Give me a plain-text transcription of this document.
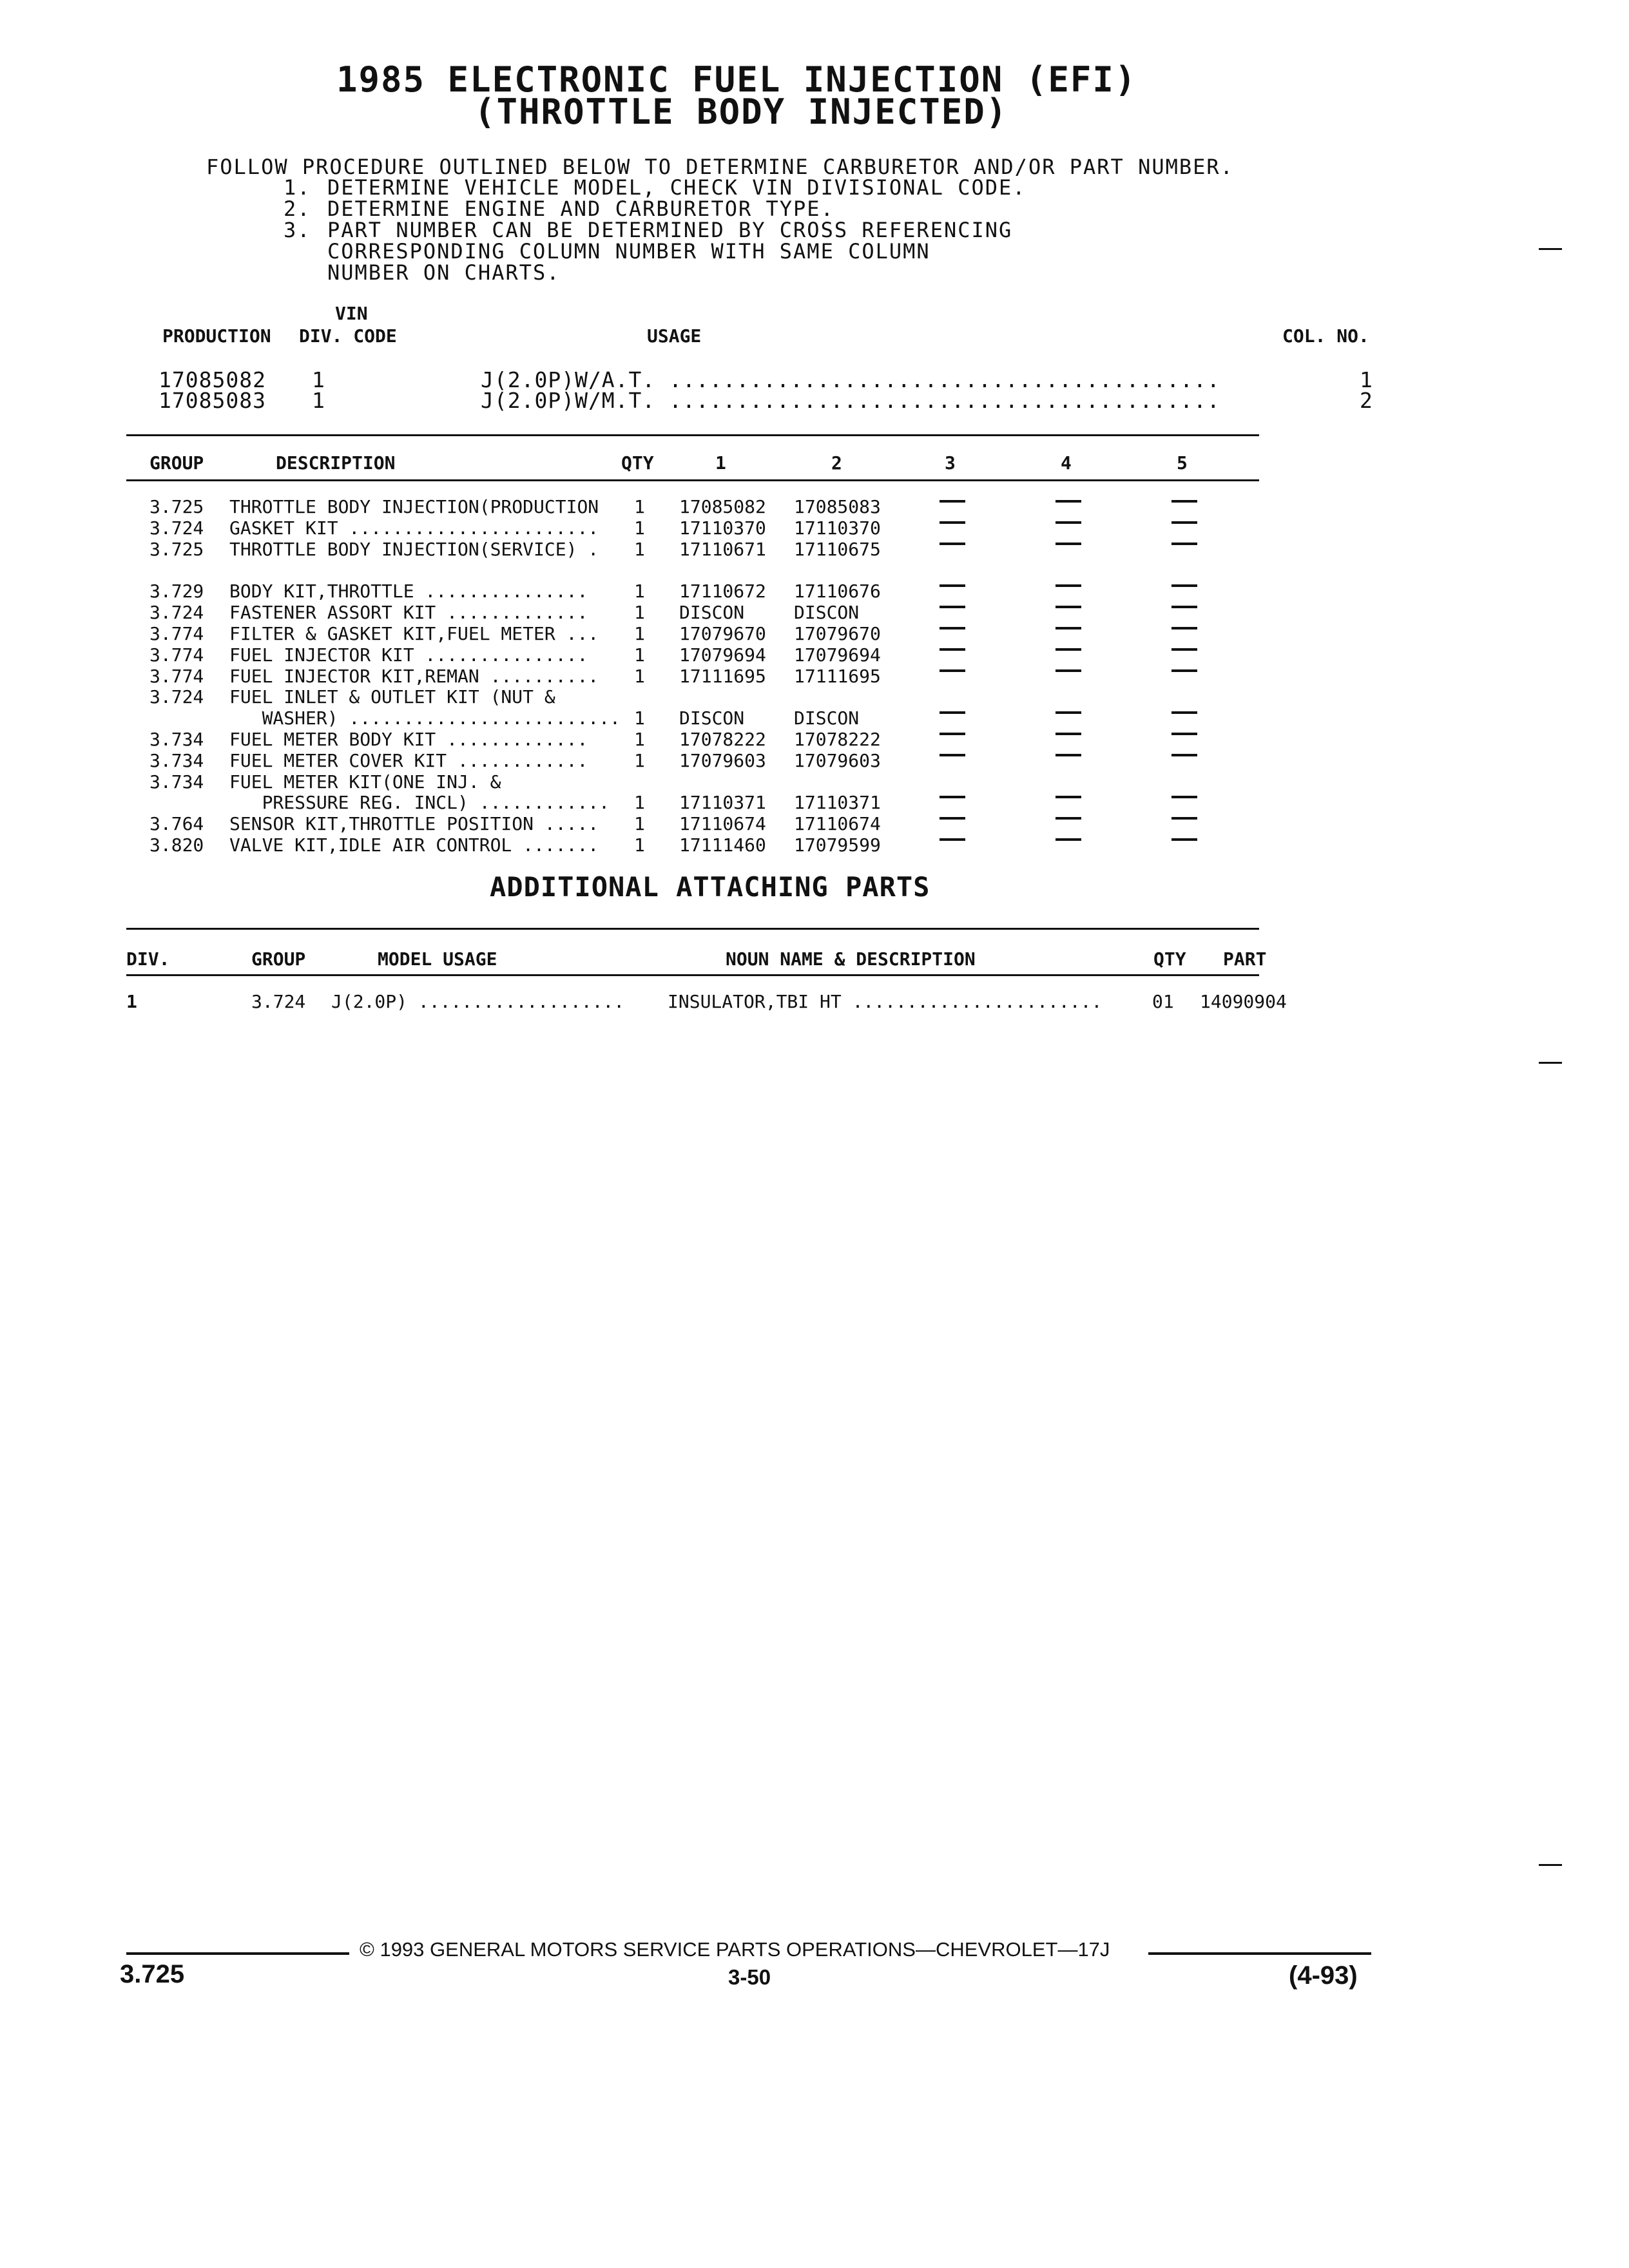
1985 ELECTRONIC FUEL INJECTION (EFI)
(THROTTLE BODY INJECTED)
FOLLOW PROCEDURE OUTLINED BELOW TO DETERMINE CARBURETOR AND/OR PART NUMBER.
1. DETERMINE VEHICLE MODEL, CHECK VIN DIVISIONAL CODE.
2. DETERMINE ENGINE AND CARBURETOR TYPE.
3. PART NUMBER CAN BE DETERMINED BY CROSS REFERENCING
CORRESPONDING COLUMN NUMBER WITH SAME COLUMN
NUMBER ON CHARTS.
VIN
PRODUCTION DIV. CODE	USAGE	COL. NO.
17085082 1	J(2.0P)W/A.T. .........................................	1
17085083 1	J(2.0P)W/M.T. .........................................	2
GROUP	DESCRIPTION	QTY	1	2	3	4	5
3.725 THROTTLE BODY INJECTION(PRODUCTION 1 17085082 17085083
3.724 GASKET KIT ....................... 1 17110370 17110370
3.725 THROTTLE BODY INJECTION(SERVICE) . 1 17110671 17110675
3.729 BODY KIT,THROTTLE ...............	1 17110672 17110676
3.724 FASTENER ASSORT KIT .............	1 DISCON	DISCON
3.774 FILTER & GASKET KIT,FUEL METER ... 1 17079670 17079670
3.774 FUEL INJECTOR KIT ...............	1 17079694 17079694
3.774 FUEL INJECTOR KIT,REMAN .......... 1 17111695 17111695
3.724 FUEL INLET & OUTLET KIT (NUT &
WASHER) ......................... 1 DISCON	DISCON
3.734 FUEL METER BODY KIT .............	1 17078222 17078222
3.734 FUEL METER COVER KIT ............	1 17079603 17079603
3.734 FUEL METER KIT(ONE INJ. &
PRESSURE REG. INCL) ............ 1 17110371 17110371
3.764 SENSOR KIT,THROTTLE POSITION ..... 1 17110674 17110674
3.820 VALVE KIT,IDLE AIR CONTROL ....... 1 17111460 17079599
ADDITIONAL ATTACHING PARTS
DIV.	GROUP	MODEL USAGE	NOUN NAME & DESCRIPTION	QTY PART
1	3.724 J(2.0P) ................... INSULATOR,TBI HT .......................	01 14090904
© 1993 GENERAL MOTORS SERVICE PARTS OPERATIONS—CHEVROLET—17J
3.725	3-50	(4-93)
